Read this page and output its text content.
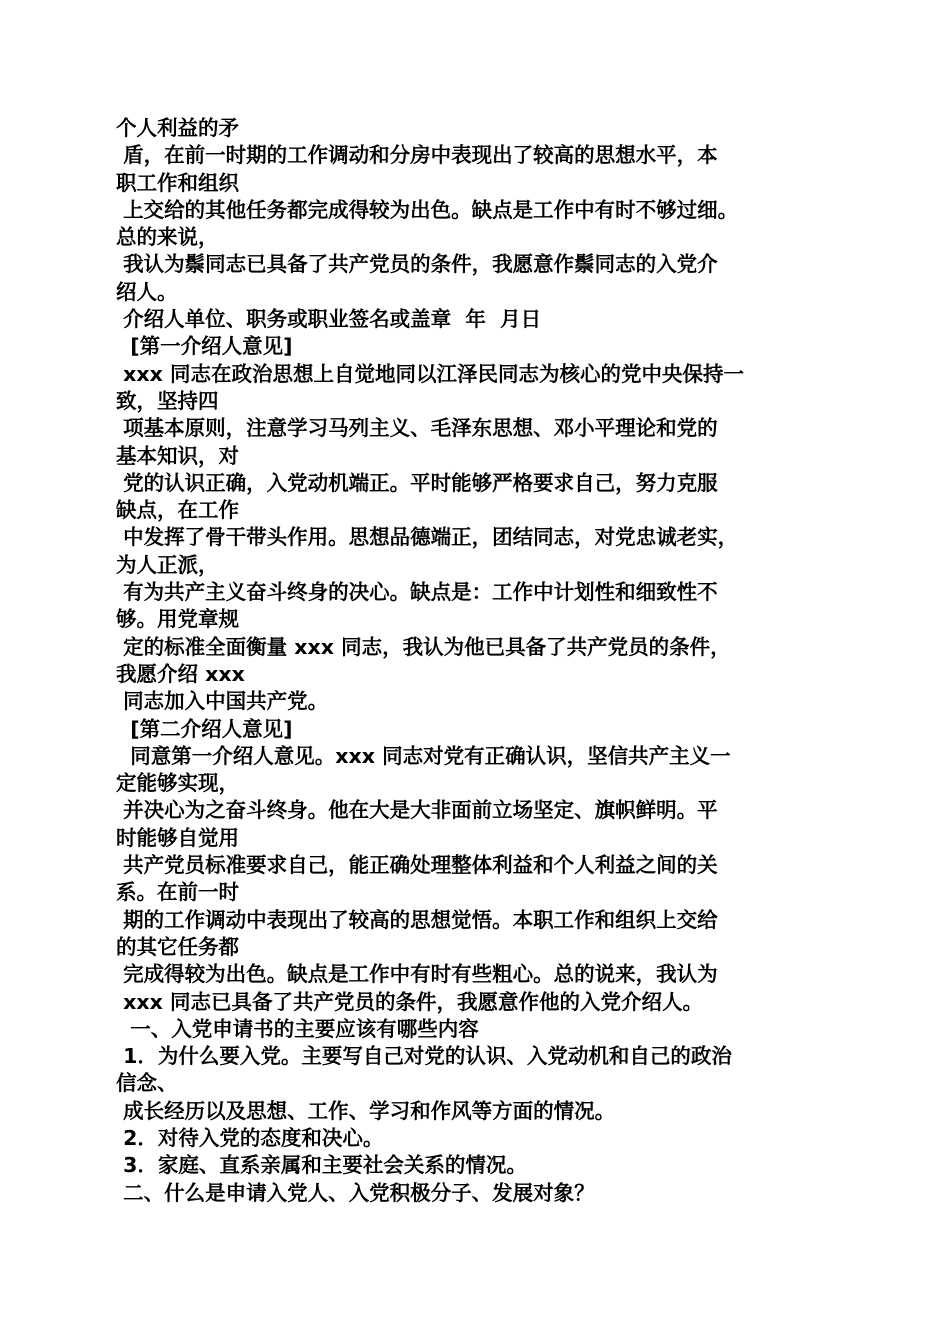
个人利益的矛
盾，在前一时期的工作调动和分房中表现出了较高的思想水平，本
职工作和组织
上交给的其他任务都完成得较为出色。缺点是工作中有时不够过细。
总的来说，
我认为鬃同志已具备了共产党员的条件，我愿意作鬃同志的入党介
绍人。
介绍人单位、职务或职业签名或盖章  年  月日
[第一介绍人意见]
xxx 同志在政治思想上自觉地同以江泽民同志为核心的党中央保持一
致，坚持四
项基本原则，注意学习马列主义、毛泽东思想、邓小平理论和党的
基本知识，对
党的认识正确，入党动机端正。平时能够严格要求自己，努力克服
缺点，在工作
中发挥了骨干带头作用。思想品德端正，团结同志，对党忠诚老实，
为人正派，
有为共产主义奋斗终身的决心。缺点是：工作中计划性和细致性不
够。用党章规
定的标准全面衡量 xxx 同志，我认为他已具备了共产党员的条件，
我愿介绍 xxx
同志加入中国共产党。
[第二介绍人意见]
同意第一介绍人意见。xxx 同志对党有正确认识，坚信共产主义一
定能够实现，
并决心为之奋斗终身。他在大是大非面前立场坚定、旗帜鲜明。平
时能够自觉用
共产党员标准要求自己，能正确处理整体利益和个人利益之间的关
系。在前一时
期的工作调动中表现出了较高的思想觉悟。本职工作和组织上交给
的其它任务都
完成得较为出色。缺点是工作中有时有些粗心。总的说来，我认为
xxx 同志已具备了共产党员的条件，我愿意作他的入党介绍人。
一、入党申请书的主要应该有哪些内容
1．为什么要入党。主要写自己对党的认识、入党动机和自己的政治
信念、
成长经历以及思想、工作、学习和作风等方面的情况。
2．对待入党的态度和决心。
3．家庭、直系亲属和主要社会关系的情况。
二、什么是申请入党人、入党积极分子、发展对象？
